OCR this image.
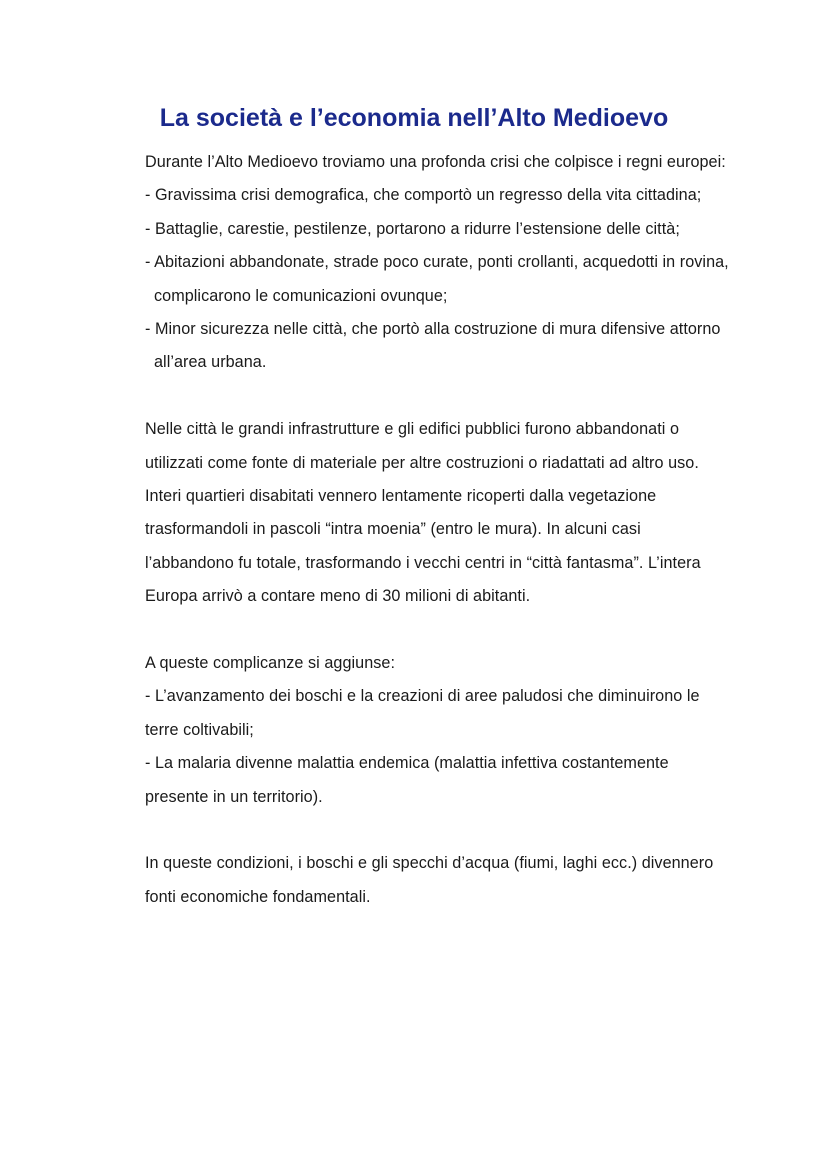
La società e l’economia nell’Alto Medioevo

Durante l’Alto Medioevo troviamo una profonda crisi che colpisce i regni europei:

- Gravissima crisi demografica, che comportò un regresso della vita cittadina;

- Battaglie, carestie, pestilenze, portarono a ridurre l’estensione delle città;

- Abitazioni abbandonate, strade poco curate, ponti crollanti, acquedotti in rovina, complicarono le comunicazioni ovunque;

- Minor sicurezza nelle città, che portò alla costruzione di mura difensive attorno all’area urbana.

Nelle città le grandi infrastrutture e gli edifici pubblici furono abbandonati o utilizzati come fonte di materiale per altre costruzioni o riadattati ad altro uso. Interi quartieri disabitati vennero lentamente ricoperti dalla vegetazione trasformandoli in pascoli “intra moenia” (entro le mura). In alcuni casi l’abbandono fu totale, trasformando i vecchi centri in “città fantasma”. L’intera Europa arrivò a contare meno di 30 milioni di abitanti.

A queste complicanze si aggiunse:

- L’avanzamento dei boschi e la creazioni di aree paludosi che diminuirono le terre coltivabili;

- La malaria divenne malattia endemica (malattia infettiva costantemente presente in un territorio).

In queste condizioni, i boschi e gli specchi d’acqua (fiumi, laghi ecc.) divennero fonti economiche fondamentali.
